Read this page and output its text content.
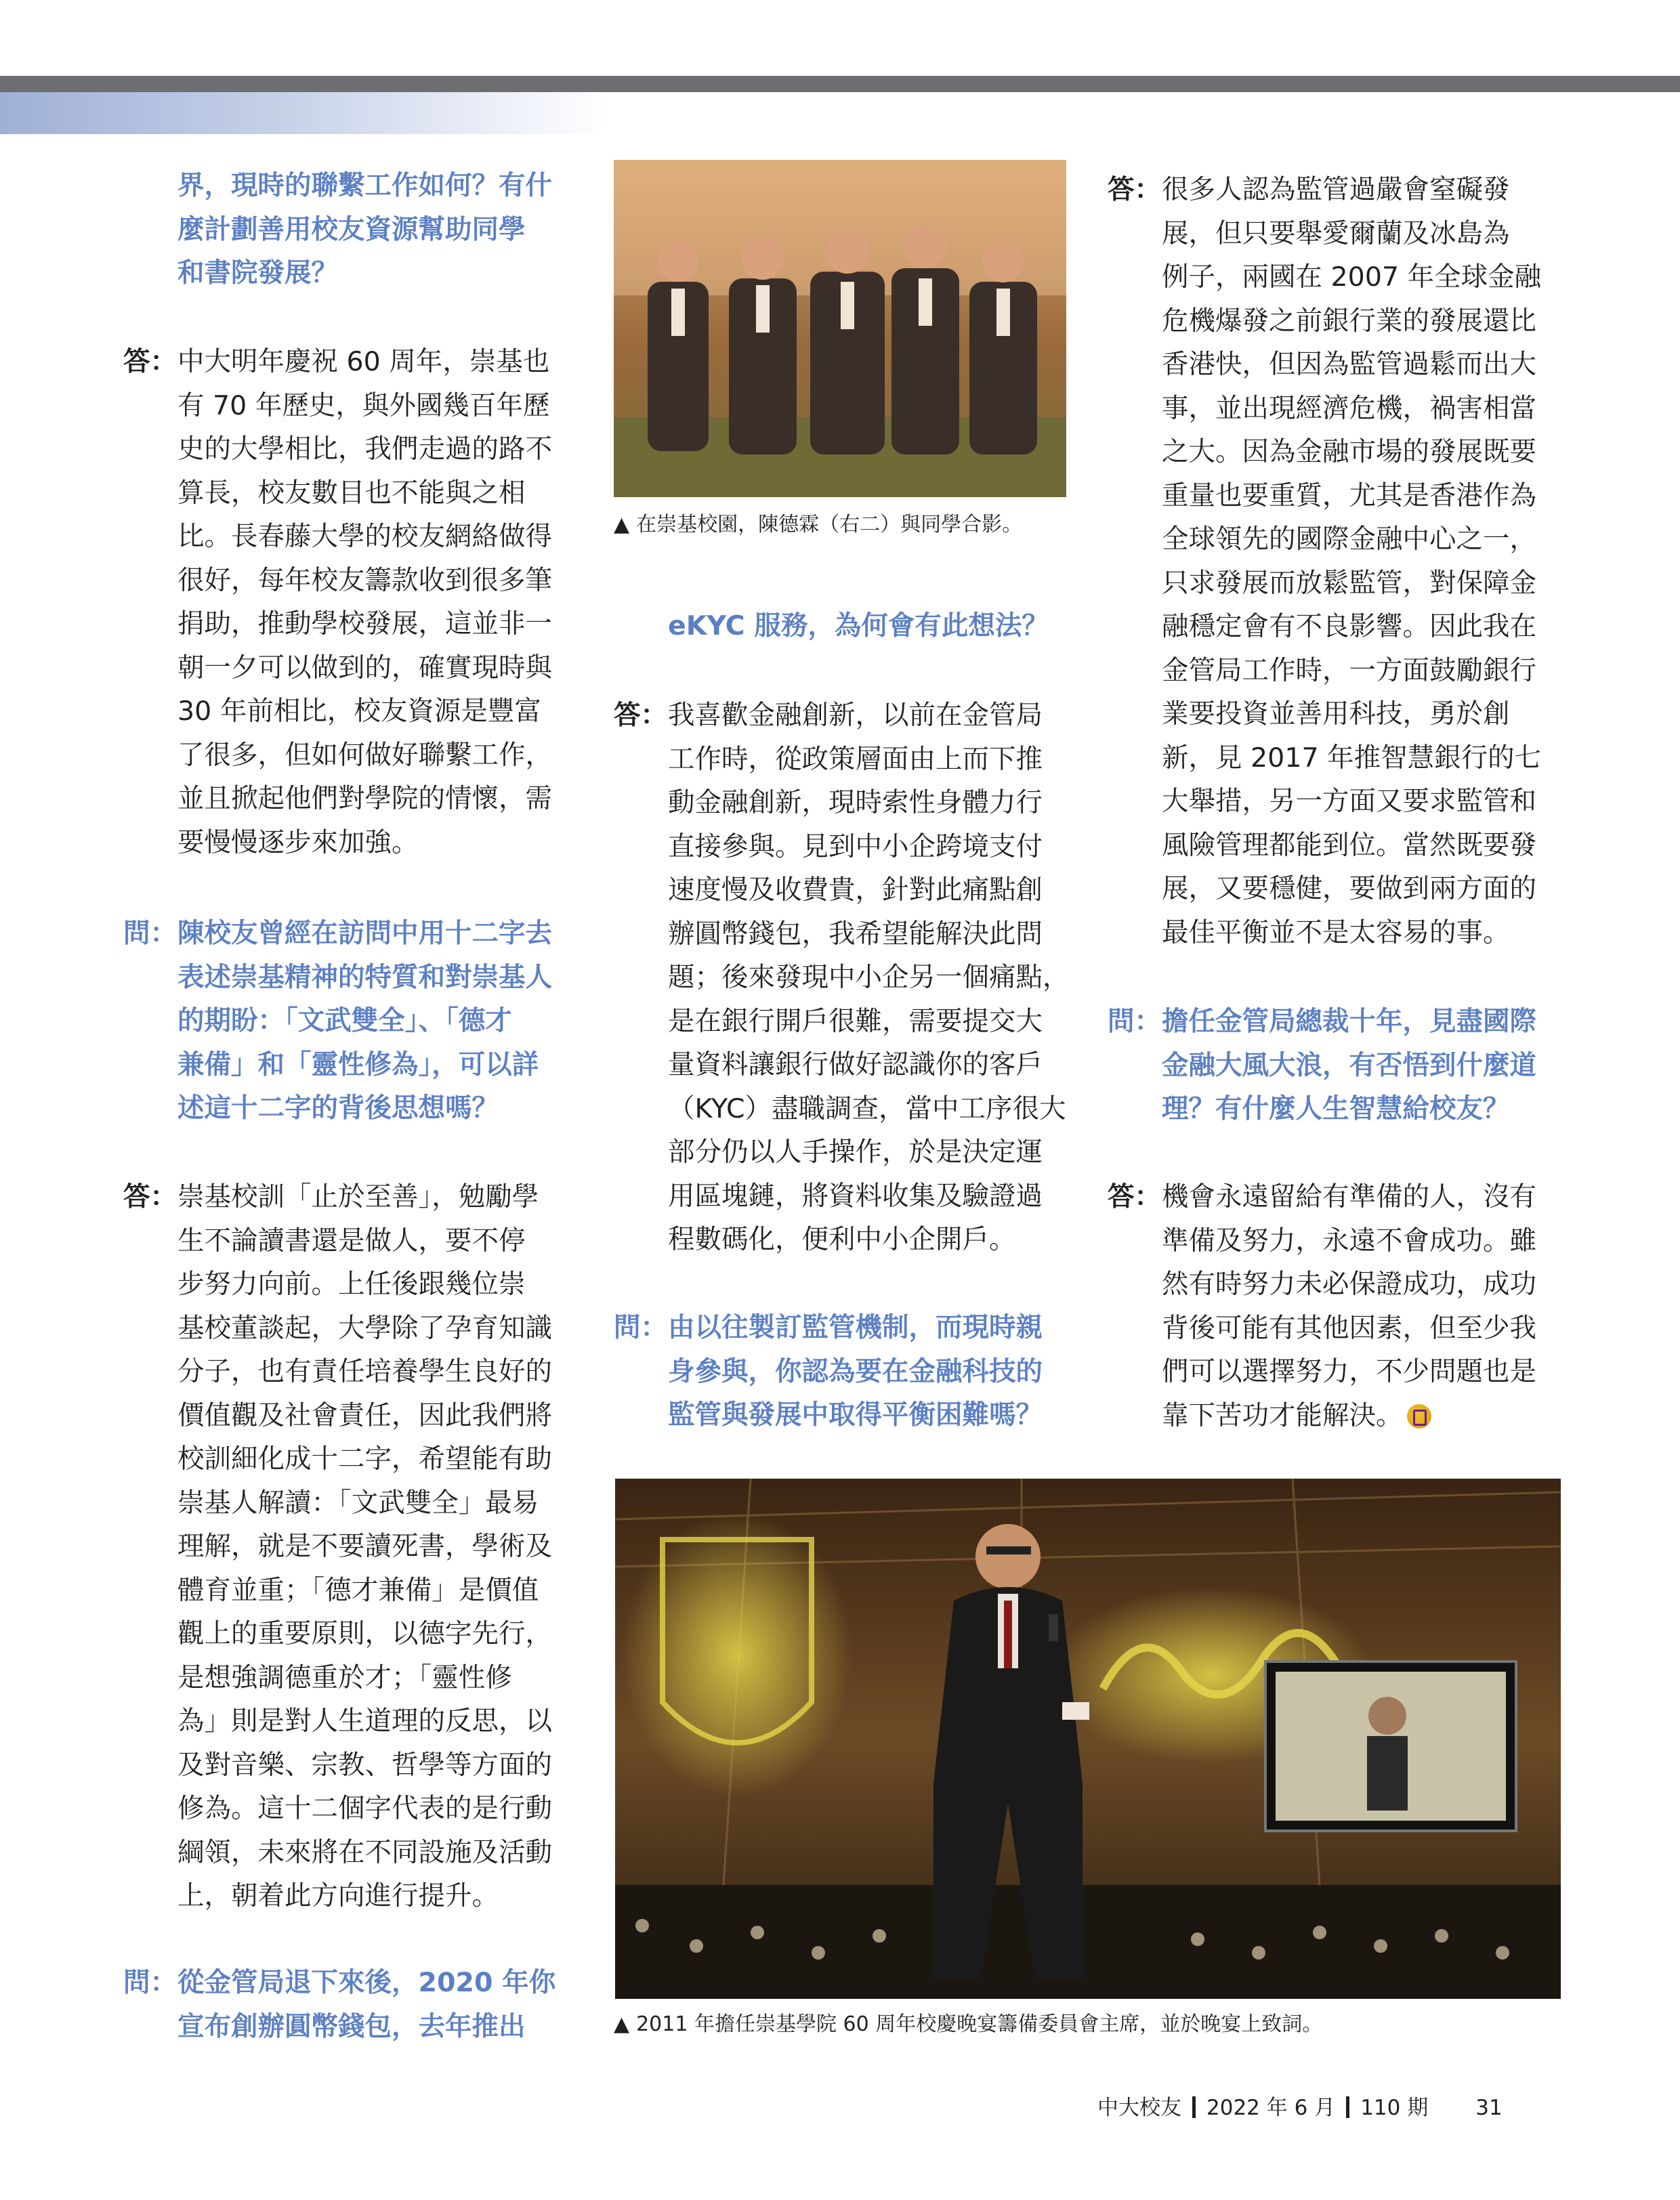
界，現時的聯繫工作如何？有什

麼計劃善用校友資源幫助同學

和書院發展？

答： 中大明年慶祝 60 周年，崇基也

有 70 年歷史，與外國幾百年歷

史的大學相比，我們走過的路不

算長，校友數目也不能與之相

比。長春藤大學的校友網絡做得

很好，每年校友籌款收到很多筆

捐助，推動學校發展，這並非一

朝一夕可以做到的，確實現時與

30 年前相比，校友資源是豐富

了很多，但如何做好聯繫工作，

並且掀起他們對學院的情懷，需

要慢慢逐步來加強。

問： 陳校友曾經在訪問中用十二字去

表述崇基精神的特質和對崇基人

的期盼：「文武雙全」、「德才

兼備」和「靈性修為」，可以詳

述這十二字的背後思想嗎？

答： 崇基校訓「止於至善」，勉勵學

生不論讀書還是做人，要不停

步努力向前。上任後跟幾位崇

基校董談起，大學除了孕育知識

分子，也有責任培養學生良好的

價值觀及社會責任，因此我們將

校訓細化成十二字，希望能有助

崇基人解讀：「文武雙全」最易

理解，就是不要讀死書，學術及

體育並重；「德才兼備」是價值

觀上的重要原則，以德字先行，

是想強調德重於才；「靈性修

為」則是對人生道理的反思，以

及對音樂、宗教、哲學等方面的

修為。這十二個字代表的是行動

綱領，未來將在不同設施及活動

上，朝着此方向進行提升。

問： 從金管局退下來後，2020 年你

宣布創辦圓幣錢包，去年推出

▲ 在崇基校園，陳德霖（右二）與同學合影。

eKYC 服務，為何會有此想法？

答： 我喜歡金融創新，以前在金管局

工作時，從政策層面由上而下推

動金融創新，現時索性身體力行

直接參與。見到中小企跨境支付

速度慢及收費貴，針對此痛點創

辦圓幣錢包，我希望能解決此問

題；後來發現中小企另一個痛點，

是在銀行開戶很難，需要提交大

量資料讓銀行做好認識你的客戶

（KYC）盡職調查，當中工序很大

部分仍以人手操作，於是決定運

用區塊鏈，將資料收集及驗證過

程數碼化，便利中小企開戶。

問： 由以往製訂監管機制，而現時親

身參與，你認為要在金融科技的

監管與發展中取得平衡困難嗎？

答： 很多人認為監管過嚴會窒礙發

展，但只要舉愛爾蘭及冰島為

例子，兩國在 2007 年全球金融

危機爆發之前銀行業的發展還比

香港快，但因為監管過鬆而出大

事，並出現經濟危機，禍害相當

之大。因為金融市場的發展既要

重量也要重質，尤其是香港作為

全球領先的國際金融中心之一，

只求發展而放鬆監管，對保障金

融穩定會有不良影響。因此我在

金管局工作時，一方面鼓勵銀行

業要投資並善用科技，勇於創

新，見 2017 年推智慧銀行的七

大舉措，另一方面又要求監管和

風險管理都能到位。當然既要發

展，又要穩健，要做到兩方面的

最佳平衡並不是太容易的事。

問： 擔任金管局總裁十年，見盡國際

金融大風大浪，有否悟到什麼道

理？有什麼人生智慧給校友？

答： 機會永遠留給有準備的人，沒有

準備及努力，永遠不會成功。雖

然有時努力未必保證成功，成功

背後可能有其他因素，但至少我

們可以選擇努力，不少問題也是

靠下苦功才能解決。

▲ 2011 年擔任崇基學院 60 周年校慶晚宴籌備委員會主席，並於晚宴上致詞。
中大校友 2022 年 6 月 110 期 31
